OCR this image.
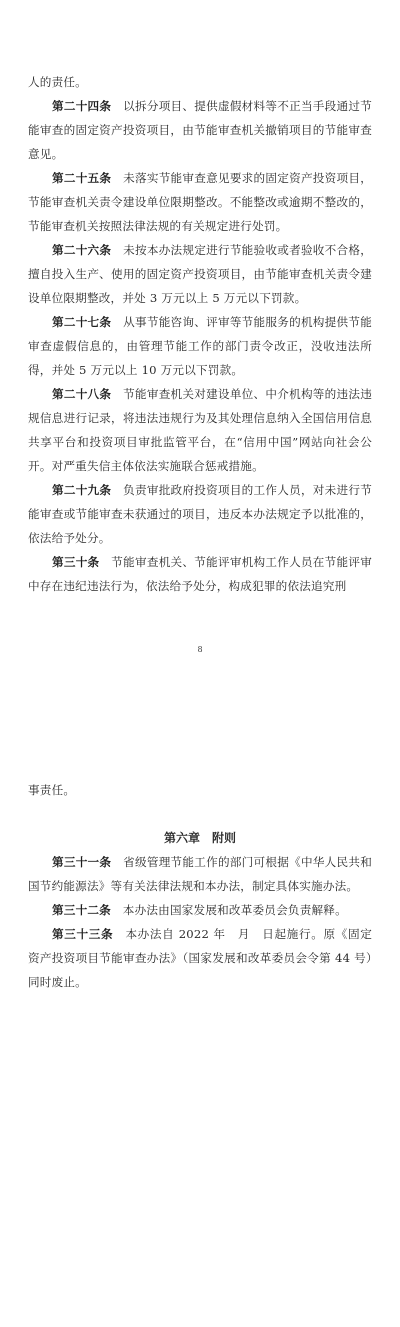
人的责任。

第二十四条　 以拆分项目、提供虚假材料等不正当手段通过节能审查的固定资产投资项目，由节能审查机关撤销项目的节能审查意见。

第二十五条　 未落实节能审查意见要求的固定资产投资项目，节能审查机关责令建设单位限期整改。不能整改或逾期不整改的，节能审查机关按照法律法规的有关规定进行处罚。

第二十六条　 未按本办法规定进行节能验收或者验收不合格，擅自投入生产、使用的固定资产投资项目，由节能审查机关责令建设单位限期整改，并处 3 万元以上 5 万元以下罚款。

第二十七条　 从事节能咨询、评审等节能服务的机构提供节能审查虚假信息的，由管理节能工作的部门责令改正，没收违法所得，并处 5 万元以上 10 万元以下罚款。

第二十八条　 节能审查机关对建设单位、中介机构等的违法违规信息进行记录，将违法违规行为及其处理信息纳入全国信用信息共享平台和投资项目审批监管平台，在“信用中国”网站向社会公开。对严重失信主体依法实施联合惩戒措施。

第二十九条　 负责审批政府投资项目的工作人员，对未进行节能审查或节能审查未获通过的项目，违反本办法规定予以批准的，依法给予处分。

第三十条　 节能审查机关、节能评审机构工作人员在节能评审中存在违纪违法行为，依法给予处分，构成犯罪的依法追究刑

8

事责任。

第六章　附则

第三十一条　 省级管理节能工作的部门可根据《中华人民共和国节约能源法》等有关法律法规和本办法，制定具体实施办法。

第三十二条　 本办法由国家发展和改革委员会负责解释。

第三十三条　 本办法自 2022 年　月　日起施行。原《固定资产投资项目节能审查办法》（国家发展和改革委员会令第 44 号）同时废止。
